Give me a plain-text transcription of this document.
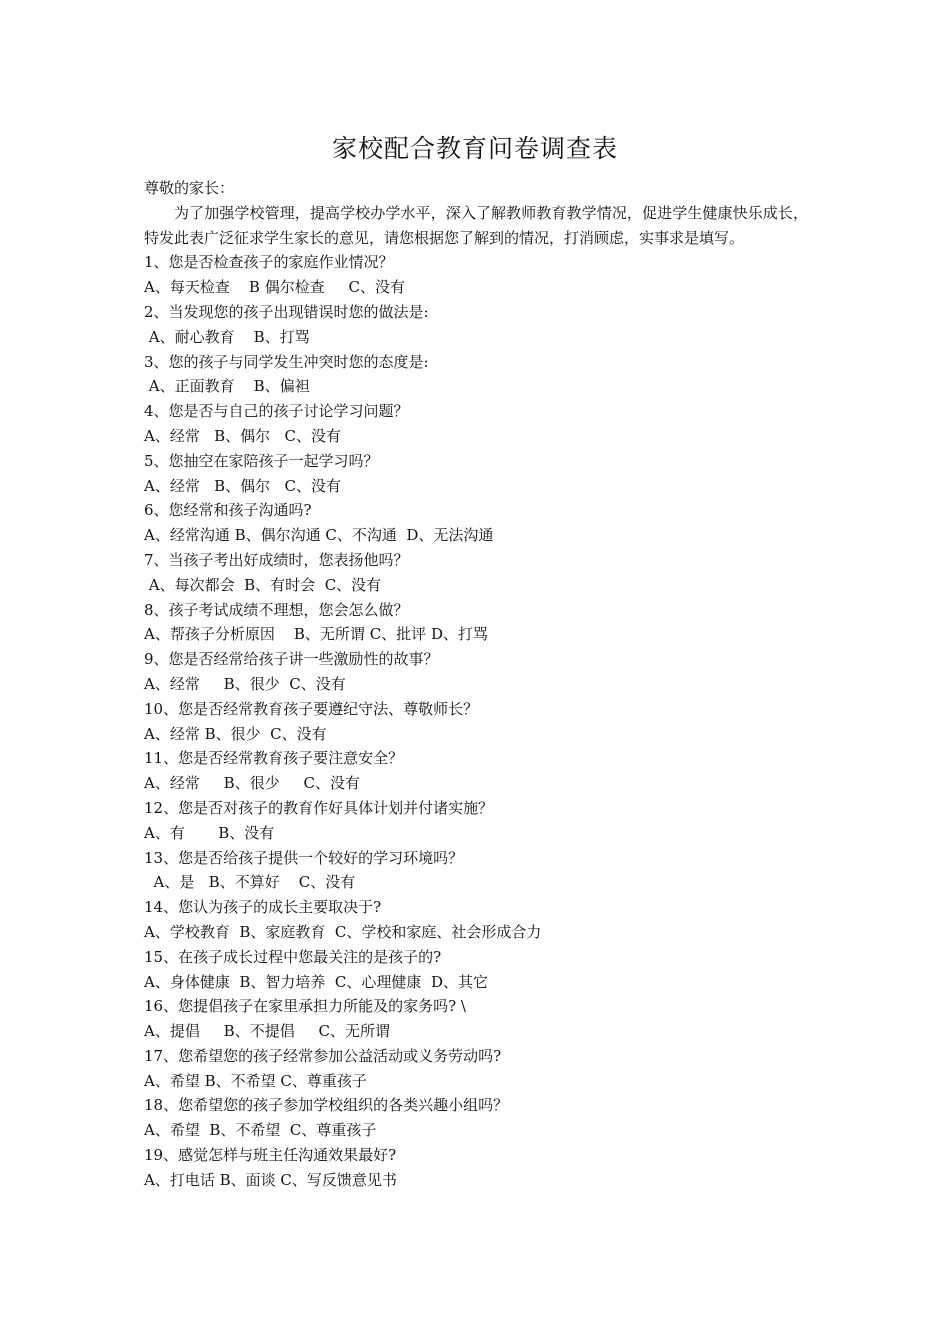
家校配合教育问卷调查表

尊敬的家长：

为了加强学校管理，提高学校办学水平，深入了解教师教育教学情况，促进学生健康快乐成长，特发此表广泛征求学生家长的意见，请您根据您了解到的情况，打消顾虑，实事求是填写。

1、您是否检查孩子的家庭作业情况？

A、每天检查    B 偶尔检查     C、没有

2、当发现您的孩子出现错误时您的做法是:

A、耐心教育    B、打骂

3、您的孩子与同学发生冲突时您的态度是:

A、正面教育    B、偏袒

4、您是否与自己的孩子讨论学习问题？

A、经常   B、偶尔   C、没有

5、您抽空在家陪孩子一起学习吗？

A、经常   B、偶尔   C、没有

6、您经常和孩子沟通吗?

A、经常沟通 B、偶尔沟通 C、不沟通  D、无法沟通

7、当孩子考出好成绩时，您表扬他吗？

A、每次都会  B、有时会  C、没有

8、孩子考试成绩不理想，您会怎么做？

A、帮孩子分析原因    B、无所谓 C、批评 D、打骂

9、您是否经常给孩子讲一些激励性的故事？

A、经常     B、很少  C、没有

10、您是否经常教育孩子要遵纪守法、尊敬师长？

A、经常 B、很少  C、没有

11、您是否经常教育孩子要注意安全？

A、经常     B、很少     C、没有

12、您是否对孩子的教育作好具体计划并付诸实施？

A、有       B、没有

13、您是否给孩子提供一个较好的学习环境吗？

A、是   B、不算好    C、没有

14、您认为孩子的成长主要取决于?

A、学校教育  B、家庭教育  C、学校和家庭、社会形成合力

15、在孩子成长过程中您最关注的是孩子的?

A、身体健康  B、智力培养  C、心理健康  D、其它

16、您提倡孩子在家里承担力所能及的家务吗? \

A、提倡     B、不提倡     C、无所谓

17、您希望您的孩子经常参加公益活动或义务劳动吗?

A、希望 B、不希望 C、尊重孩子

18、您希望您的孩子参加学校组织的各类兴趣小组吗？

A、希望  B、不希望  C、尊重孩子

19、感觉怎样与班主任沟通效果最好?

A、打电话 B、面谈 C、写反馈意见书
